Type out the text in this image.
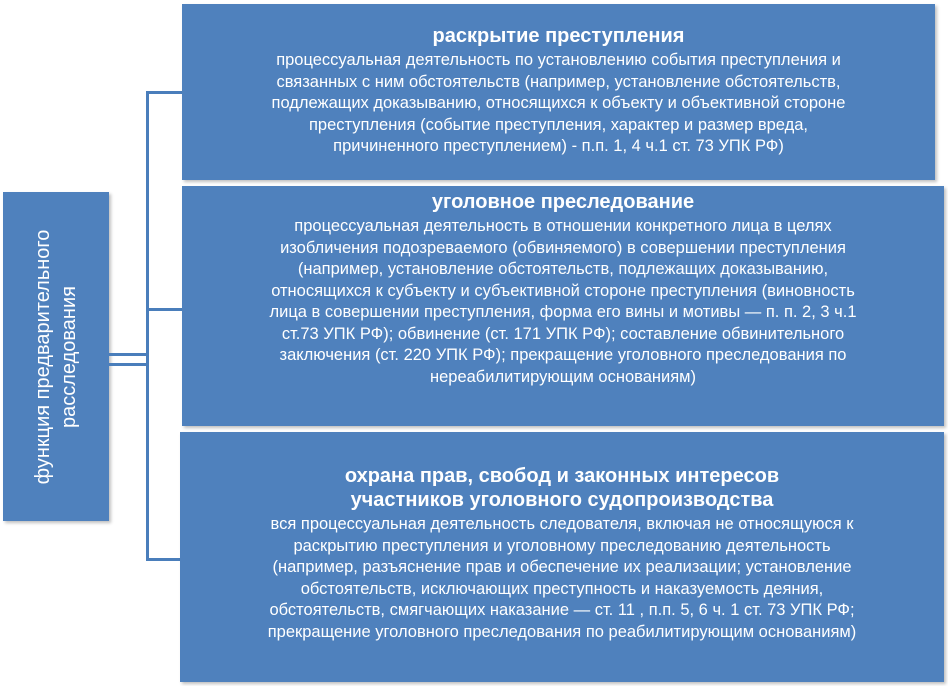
функция предварительного расследования
раскрытие преступления
процессуальная деятельность по установлению события преступления и
связанных с ним обстоятельств (например, установление обстоятельств,
подлежащих доказыванию, относящихся к объекту и объективной стороне
преступления (событие преступления, характер и размер вреда,
причиненного преступлением) - п.п. 1, 4 ч.1 ст. 73 УПК РФ)
уголовное преследование
процессуальная деятельность в отношении конкретного лица в целях
изобличения подозреваемого (обвиняемого) в совершении преступления
(например, установление обстоятельств, подлежащих доказыванию,
относящихся к субъекту и субъективной стороне преступления (виновность
лица в совершении преступления, форма его вины и мотивы — п. п. 2, 3 ч.1
ст.73 УПК РФ); обвинение (ст. 171 УПК РФ); составление обвинительного
заключения (ст. 220 УПК РФ); прекращение уголовного преследования по
нереабилитирующим основаниям)
охрана прав, свобод и законных интересов
участников уголовного судопроизводства
вся процессуальная деятельность следователя, включая не относящуюся к
раскрытию преступления и уголовному преследованию деятельность
(например, разъяснение прав и обеспечение их реализации; установление
обстоятельств, исключающих преступность и наказуемость деяния,
обстоятельств, смягчающих наказание — ст. 11 , п.п. 5, 6 ч. 1 ст. 73 УПК РФ;
прекращение уголовного преследования по реабилитирующим основаниям)
